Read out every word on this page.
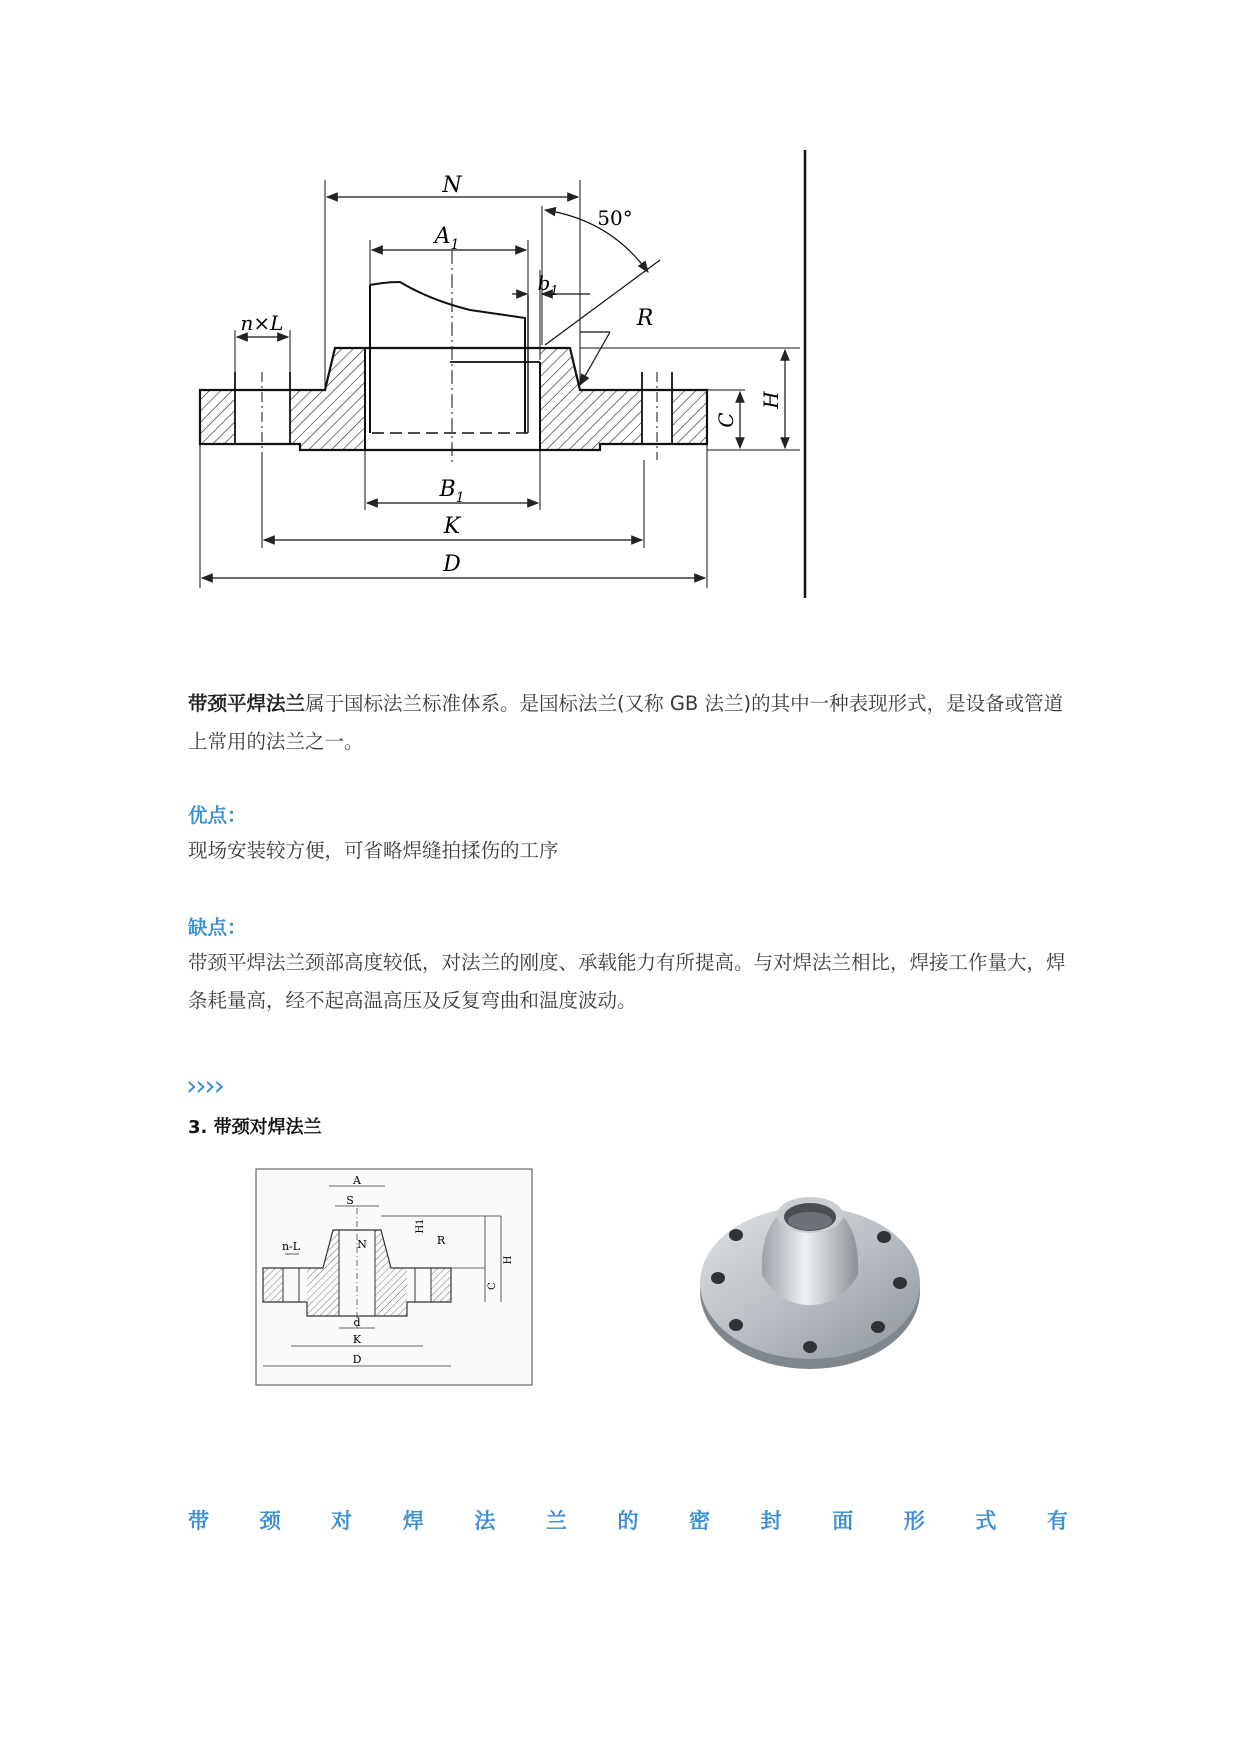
N
$A_1$
$b_1$
50°
R
n×L
C
H
$B_1$
K
D
带颈平焊法兰属于国标法兰标准体系。是国标法兰(又称 GB 法兰)的其中一种表现形式，是设备或管道上常用的法兰之一。
优点：
现场安装较方便，可省略焊缝拍揉伤的工序
缺点：
带颈平焊法兰颈部高度较低，对法兰的刚度、承载能力有所提高。与对焊法兰相比，焊接工作量大，焊条耗量高，经不起高温高压及反复弯曲和温度波动。
››››
3. 带颈对焊法兰
A
S
N
H1
R
n-L
H
C
d
K
D
带 颈 对 焊 法 兰 的 密 封 面 形 式 有
